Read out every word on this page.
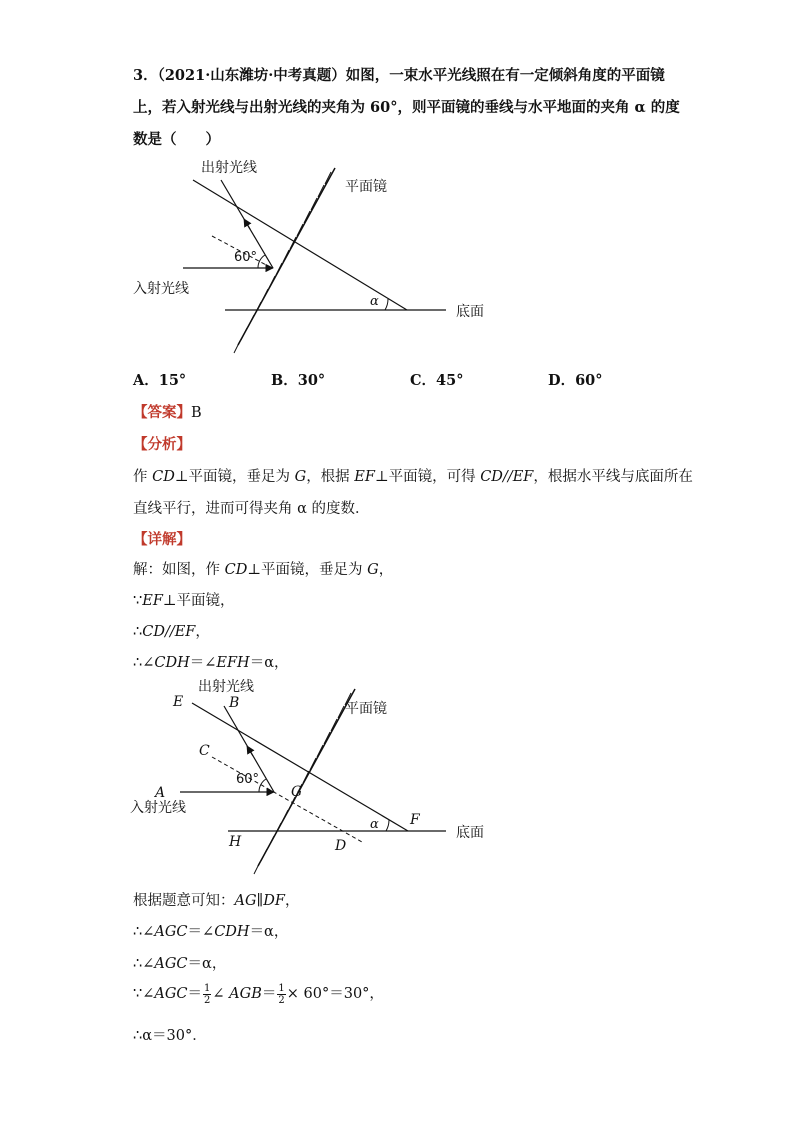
3．（2021·山东潍坊·中考真题）如图，一束水平光线照在有一定倾斜角度的平面镜
上，若入射光线与出射光线的夹角为 60°，则平面镜的垂线与水平地面的夹角 α 的度
数是（　　）
出射光线
平面镜
60°
入射光线
α
底面
A．15°	B．30°	C．45°	D．60°
【答案】B
【分析】
作 CD⊥平面镜，垂足为 G，根据 EF⊥平面镜，可得 CD//EF，根据水平线与底面所在
直线平行，进而可得夹角 α 的度数．
【详解】
解：如图，作 CD⊥平面镜，垂足为 G，
∵EF⊥平面镜，
∴CD//EF，
∴∠CDH＝∠EFH＝α，
出射光线
平面镜
60°
入射光线
α
底面
E	B
C
A	G
F
H	D
根据题意可知：AG∥DF，
∴∠AGC＝∠CDH＝α，
∴∠AGC＝α，
∵∠AGC＝ $\frac{1}{2}$ ∠ $AGB= \frac{1}{2} \times 60^\circ=30^\circ$，
∴α＝30°．
